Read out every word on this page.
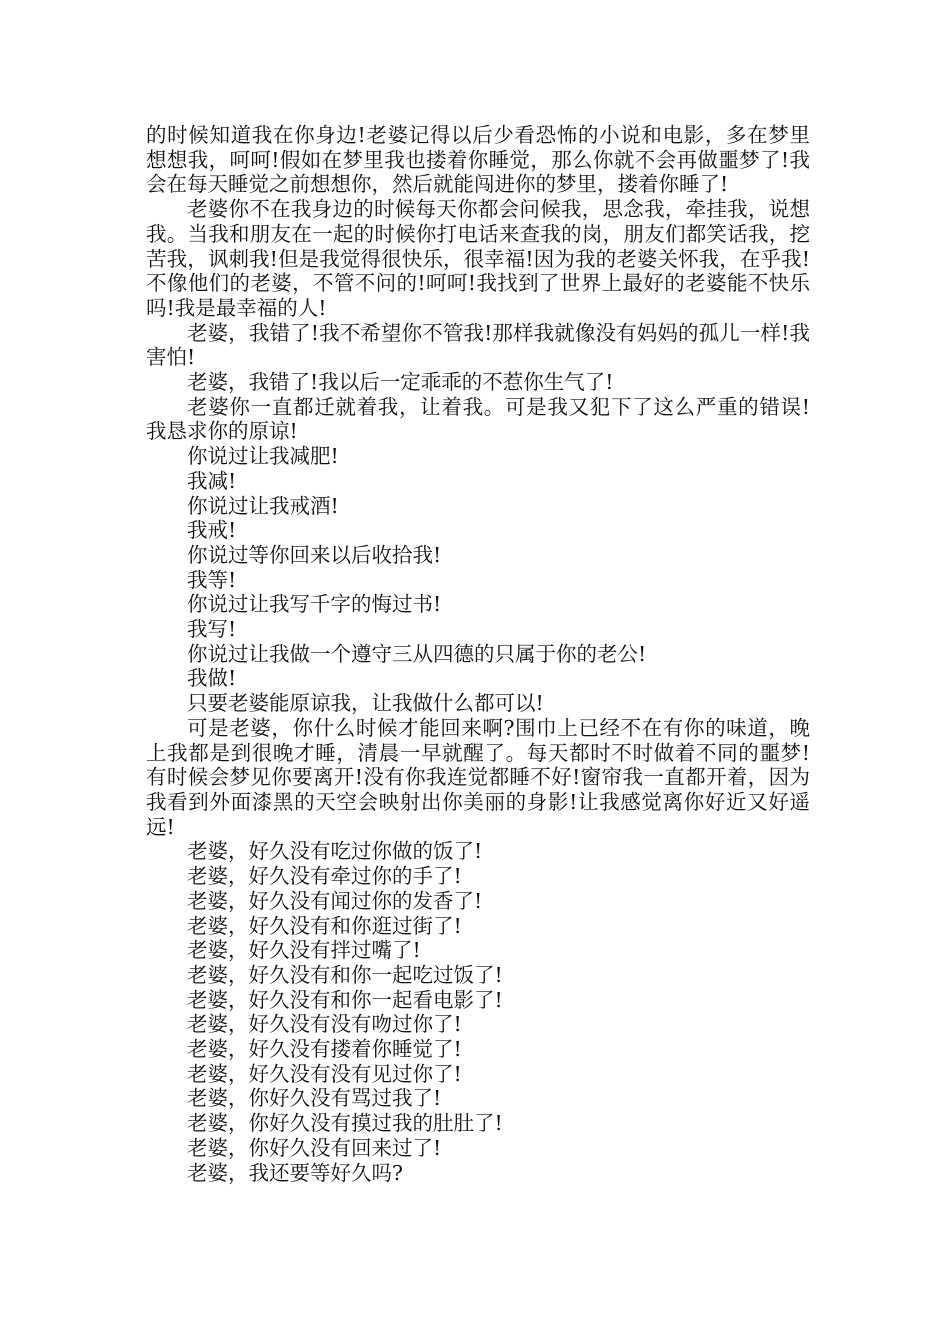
的时候知道我在你身边!老婆记得以后少看恐怖的小说和电影，多在梦里想想我，呵呵!假如在梦里我也搂着你睡觉，那么你就不会再做噩梦了!我会在每天睡觉之前想想你，然后就能闯进你的梦里，搂着你睡了!

老婆你不在我身边的时候每天你都会问候我，思念我，牵挂我，说想我。当我和朋友在一起的时候你打电话来查我的岗，朋友们都笑话我，挖苦我，讽刺我!但是我觉得很快乐，很幸福!因为我的老婆关怀我，在乎我!不像他们的老婆，不管不问的!呵呵!我找到了世界上最好的老婆能不快乐吗!我是最幸福的人!

老婆，我错了!我不希望你不管我!那样我就像没有妈妈的孤儿一样!我害怕!

老婆，我错了!我以后一定乖乖的不惹你生气了!

老婆你一直都迁就着我，让着我。可是我又犯下了这么严重的错误!我恳求你的原谅!

你说过让我减肥!

我减!

你说过让我戒酒!

我戒!

你说过等你回来以后收拾我!

我等!

你说过让我写千字的悔过书!

我写!

你说过让我做一个遵守三从四德的只属于你的老公!

我做!

只要老婆能原谅我，让我做什么都可以!

可是老婆，你什么时候才能回来啊?围巾上已经不在有你的味道，晚上我都是到很晚才睡，清晨一早就醒了。每天都时不时做着不同的噩梦!有时候会梦见你要离开!没有你我连觉都睡不好!窗帘我一直都开着，因为我看到外面漆黑的天空会映射出你美丽的身影!让我感觉离你好近又好遥远!

老婆，好久没有吃过你做的饭了!

老婆，好久没有牵过你的手了!

老婆，好久没有闻过你的发香了!

老婆，好久没有和你逛过街了!

老婆，好久没有拌过嘴了!

老婆，好久没有和你一起吃过饭了!

老婆，好久没有和你一起看电影了!

老婆，好久没有没有吻过你了!

老婆，好久没有搂着你睡觉了!

老婆，好久没有没有见过你了!

老婆，你好久没有骂过我了!

老婆，你好久没有摸过我的肚肚了!

老婆，你好久没有回来过了!

老婆，我还要等好久吗?
